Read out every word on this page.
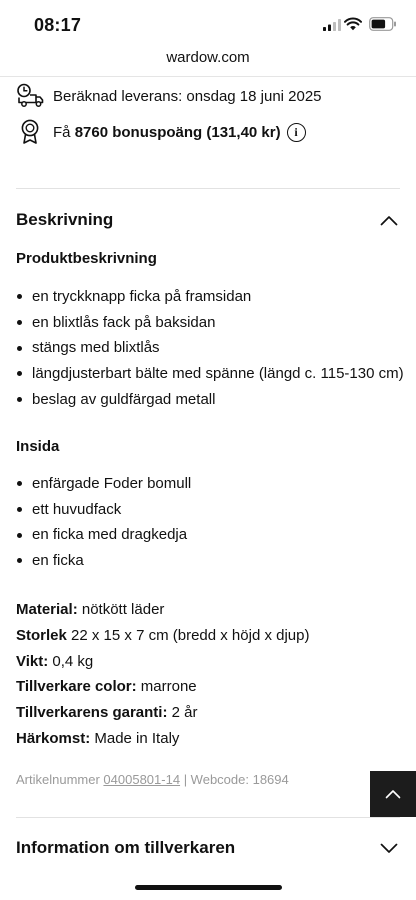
08:17
wardow.com
Beräknad leverans: onsdag 18 juni 2025
Få 8760 bonuspoäng (131,40 kr)	i
Beskrivning
Produktbeskrivning
en tryckknapp ficka på framsidan
en blixtlås fack på baksidan
stängs med blixtlås
längdjusterbart bälte med spänne (längd c. 115-130 cm)
beslag av guldfärgad metall
Insida
enfärgade Foder bomull
ett huvudfack
en ficka med dragkedja
en ficka
Material: nötkött läder
Storlek 22 x 15 x 7 cm (bredd x höjd x djup)
Vikt: 0,4 kg
Tillverkare color: marrone
Tillverkarens garanti: 2 år
Härkomst: Made in Italy
Artikelnummer 04005801-14 | Webcode: 18694
Information om tillverkaren
